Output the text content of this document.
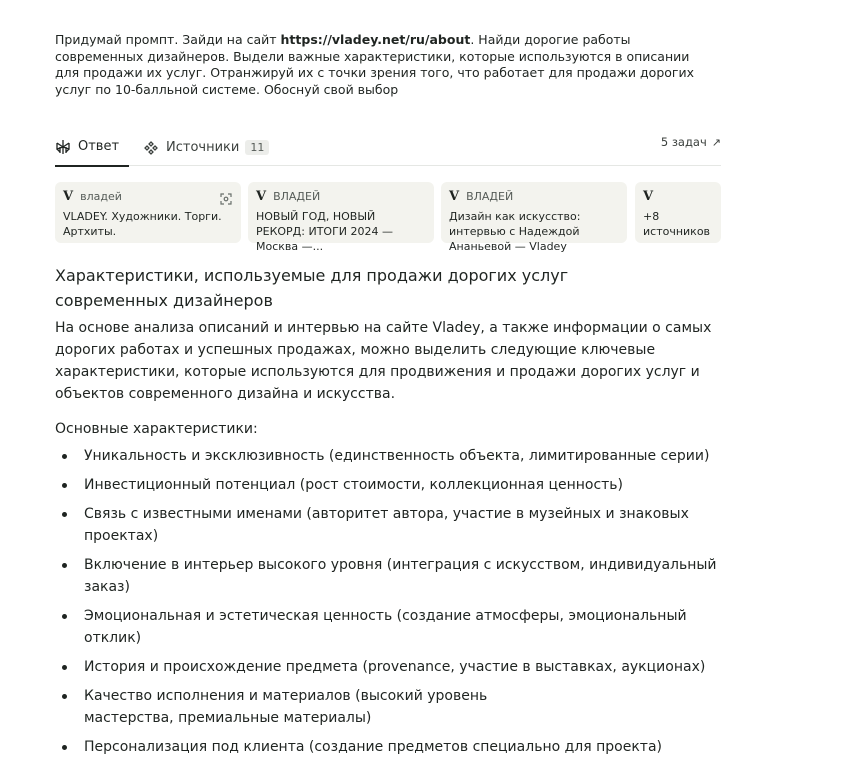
Придумай промпт. Зайди на сайт https://vladey.net/ru/about. Найди дорогие работы современных дизайнеров. Выдели важные характеристики, которые используются в описании для продажи их услуг. Отранжируй их с точки зрения того, что работает для продажи дорогих услуг по 10-балльной системе. Обоснуй свой выбор
Ответ	Источники	11	5 задач ↗
V владей
VLADEY. Художники. Торги. Артхиты.
V ВЛАДЕЙ
НОВЫЙ ГОД, НОВЫЙ РЕКОРД: ИТОГИ 2024 — Москва —...
V ВЛАДЕЙ
Дизайн как искусство: интервью с Надеждой Ананьевой — Vladey
V
+8
источников
Характеристики, используемые для продажи дорогих услуг современных дизайнеров
На основе анализа описаний и интервью на сайте Vladey, а также информации о самых дорогих работах и успешных продажах, можно выделить следующие ключевые характеристики, которые используются для продвижения и продажи дорогих услуг и объектов современного дизайна и искусства.
Основные характеристики:
Уникальность и эксклюзивность (единственность объекта, лимитированные серии)
Инвестиционный потенциал (рост стоимости, коллекционная ценность)
Связь с известными именами (авторитет автора, участие в музейных и знаковых проектах)
Включение в интерьер высокого уровня (интеграция с искусством, индивидуальный заказ)
Эмоциональная и эстетическая ценность (создание атмосферы, эмоциональный отклик)
История и происхождение предмета (provenance, участие в выставках, аукционах)
Качество исполнения и материалов (высокий уровень мастерства, премиальные материалы)
Персонализация под клиента (создание предметов специально для проекта)
